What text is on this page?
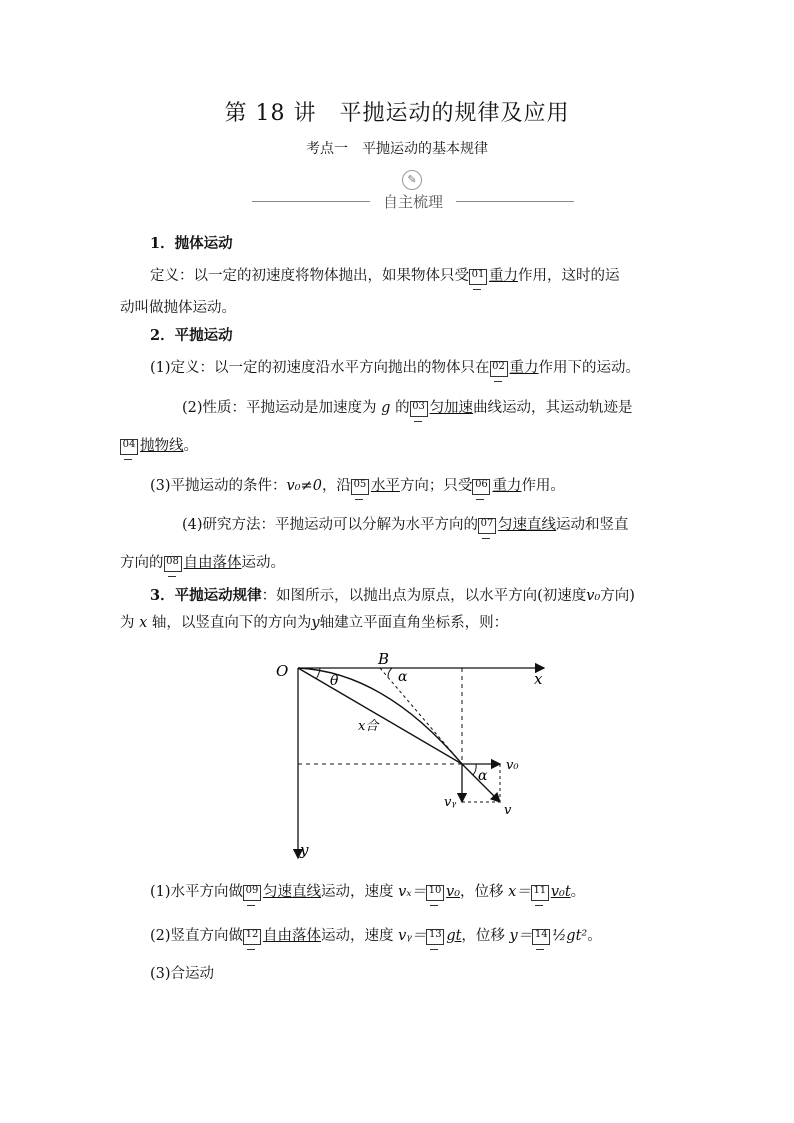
第 18 讲　平抛运动的规律及应用
考点一　平抛运动的基本规律
✎
自主梳理
1．抛体运动
定义：以一定的初速度将物体抛出，如果物体只受 01 重力作用，这时的运
动叫做抛体运动。
2．平抛运动
(1)定义：以一定的初速度沿水平方向抛出的物体只在 02 重力作用下的运动。
(2)性质：平抛运动是加速度为 g 的 03 匀加速曲线运动，其运动轨迹是
04 抛物线。
(3)平抛运动的条件：v₀≠0，沿 05 水平方向；只受 06 重力作用。
(4)研究方法：平抛运动可以分解为水平方向的 07 匀速直线运动和竖直
方向的 08 自由落体运动。
3．平抛运动规律：如图所示，以抛出点为原点，以水平方向(初速度v₀方向)
为 x 轴，以竖直向下的方向为y轴建立平面直角坐标系，则：
O
B
x
y
θ	α
α
x合
v₀
vᵧ
v
(1)水平方向做 09 匀速直线运动，速度 vₓ＝ 10 v₀，位移 x＝ 11 v₀t。
(2)竖直方向做 12 自由落体运动，速度 vᵧ＝ 13 gt，位移 y＝ 14 ½gt²。
(3)合运动
